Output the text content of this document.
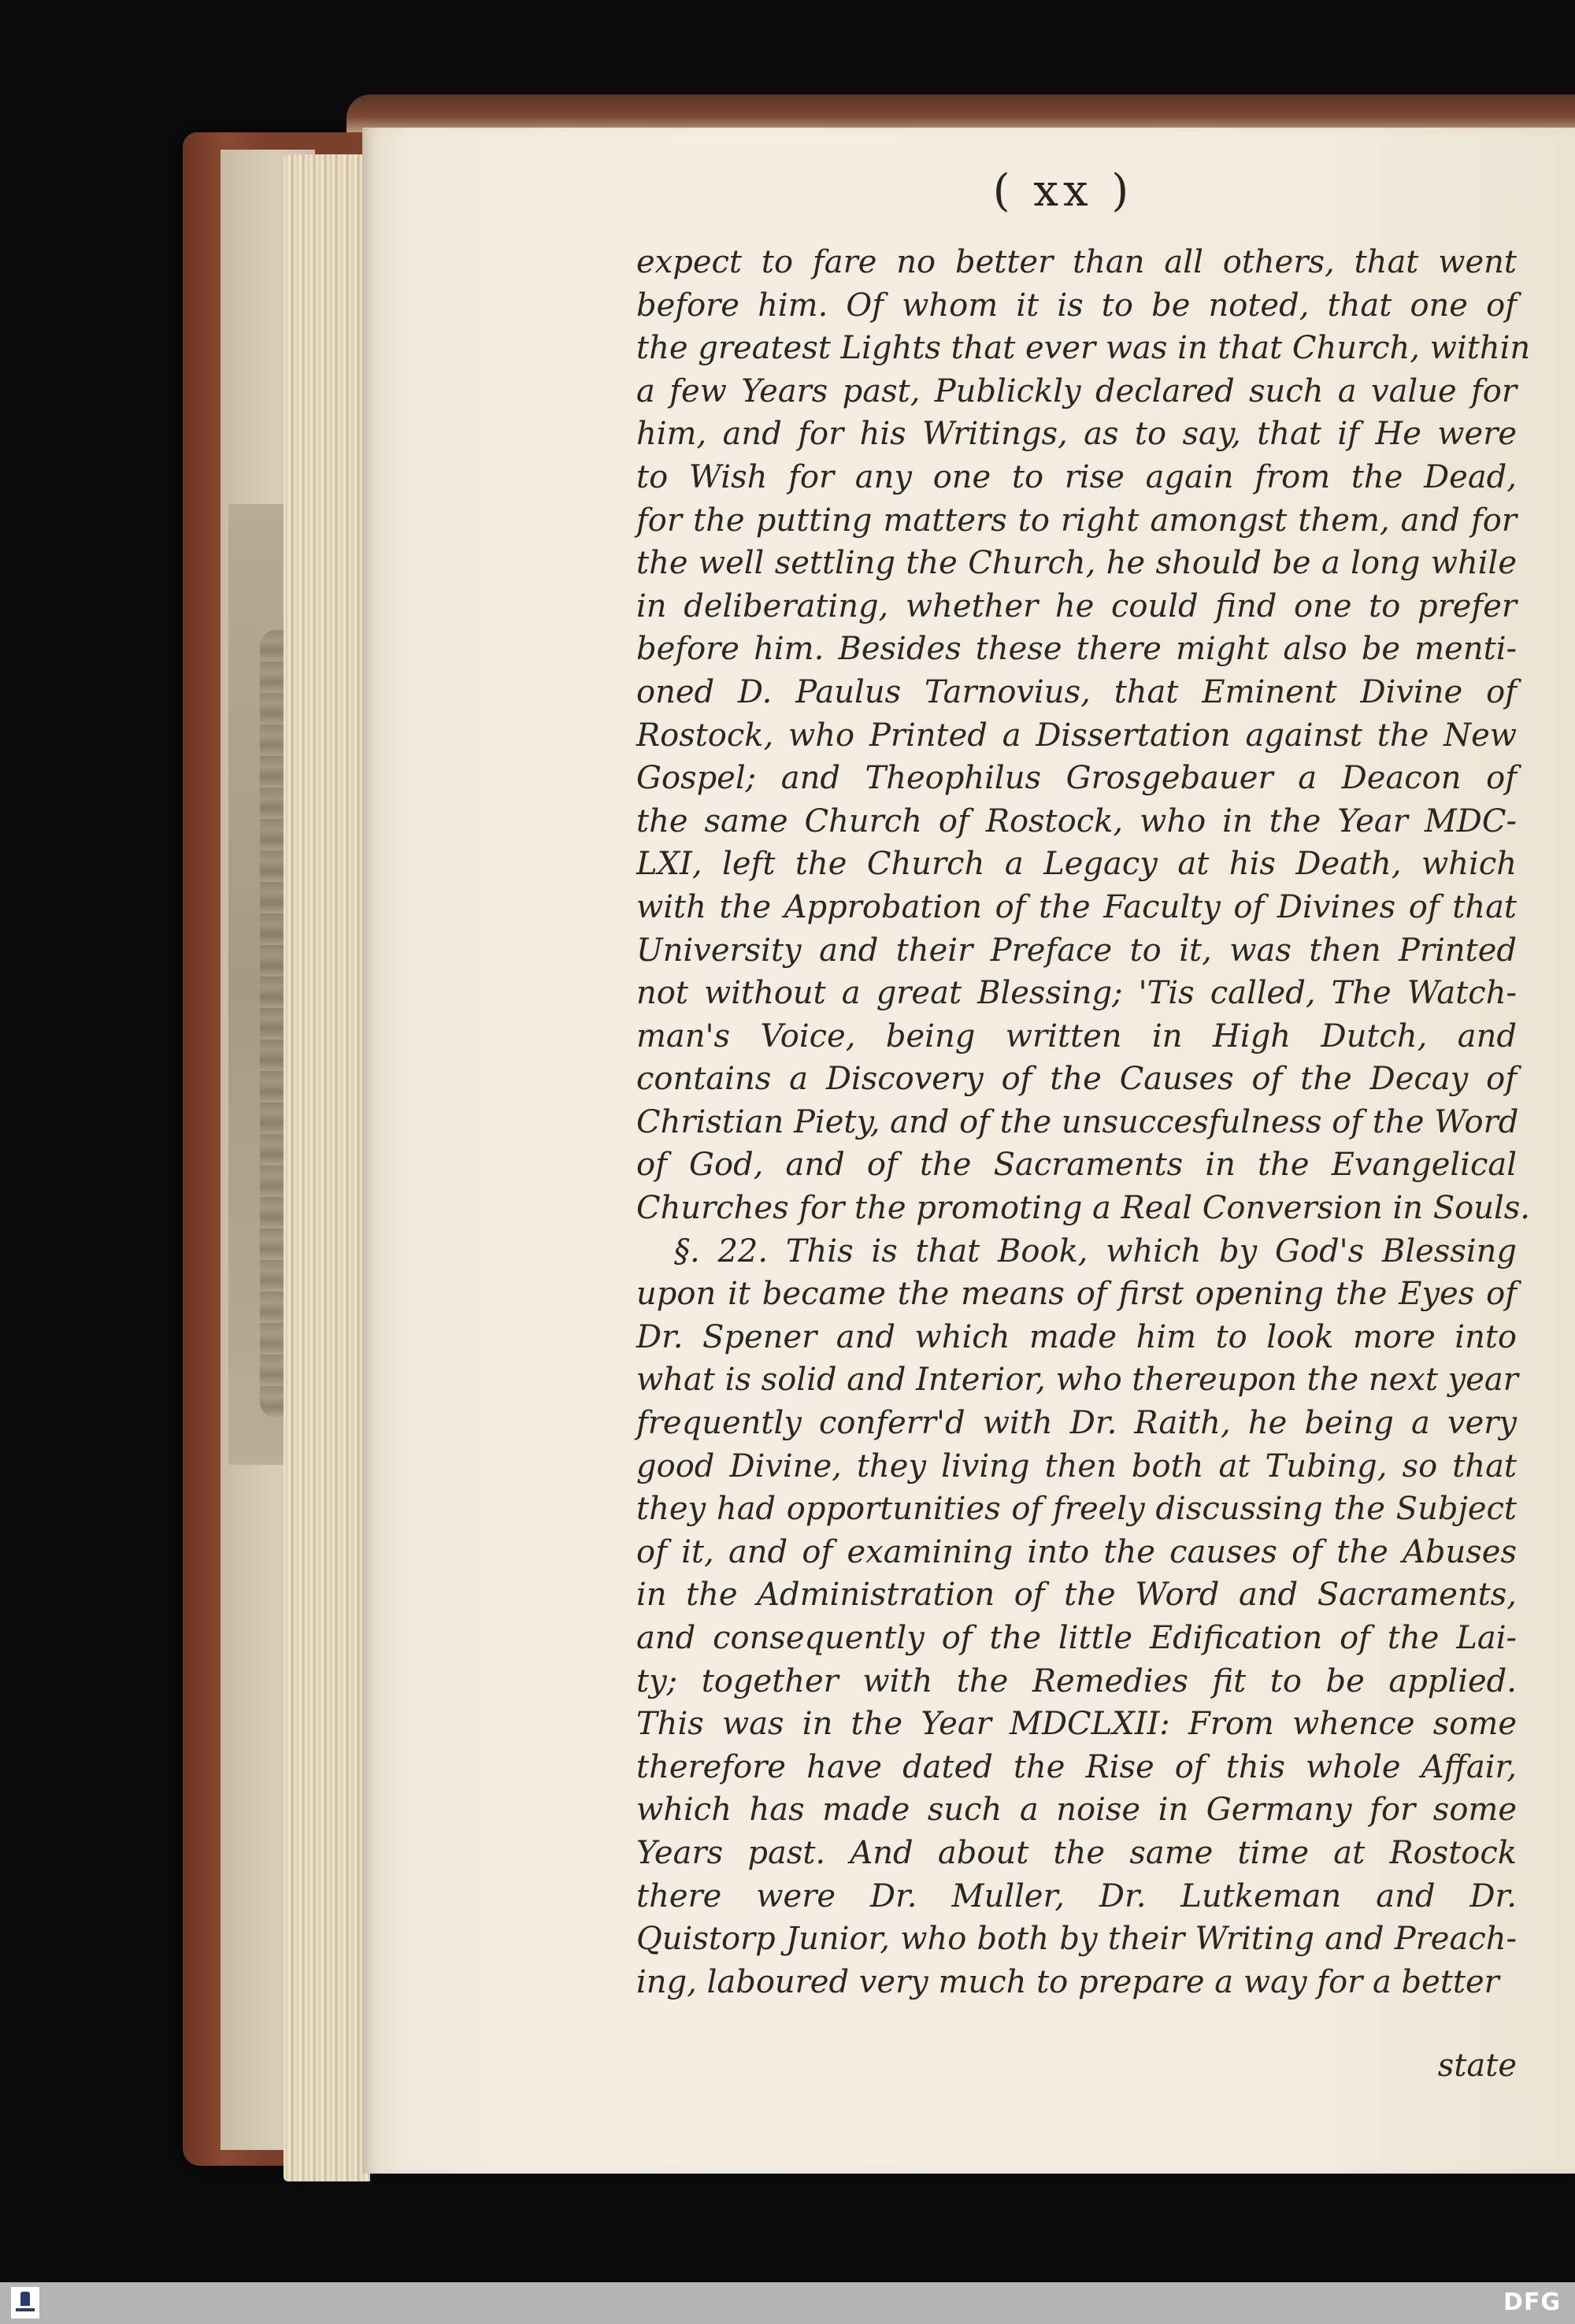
( xx )
expect to fare no better than all others, that went
before him. Of whom it is to be noted, that one of
the greatest Lights that ever was in that Church, within
a few Years past, Publickly declared such a value for
him, and for his Writings, as to say, that if He were
to Wish for any one to rise again from the Dead,
for the putting matters to right amongst them, and for
the well settling the Church, he should be a long while
in deliberating, whether he could find one to prefer
before him. Besides these there might also be menti-
oned D. Paulus Tarnovius, that Eminent Divine of
Rostock, who Printed a Dissertation against the New
Gospel; and Theophilus Grosgebauer a Deacon of
the same Church of Rostock, who in the Year MDC-
LXI, left the Church a Legacy at his Death, which
with the Approbation of the Faculty of Divines of that
University and their Preface to it, was then Printed
not without a great Blessing; 'Tis called, The Watch-
man's Voice, being written in High Dutch, and
contains a Discovery of the Causes of the Decay of
Christian Piety, and of the unsuccesfulness of the Word
of God, and of the Sacraments in the Evangelical
Churches for the promoting a Real Conversion in Souls.
§. 22. This is that Book, which by God's Blessing
upon it became the means of first opening the Eyes of
Dr. Spener and which made him to look more into
what is solid and Interior, who thereupon the next year
frequently conferr'd with Dr. Raith, he being a very
good Divine, they living then both at Tubing, so that
they had opportunities of freely discussing the Subject
of it, and of examining into the causes of the Abuses
in the Administration of the Word and Sacraments,
and consequently of the little Edification of the Lai-
ty; together with the Remedies fit to be applied.
This was in the Year MDCLXII: From whence some
therefore have dated the Rise of this whole Affair,
which has made such a noise in Germany for some
Years past. And about the same time at Rostock
there were Dr. Muller, Dr. Lutkeman and Dr.
Quistorp Junior, who both by their Writing and Preach-
ing, laboured very much to prepare a way for a better
state
DFG
